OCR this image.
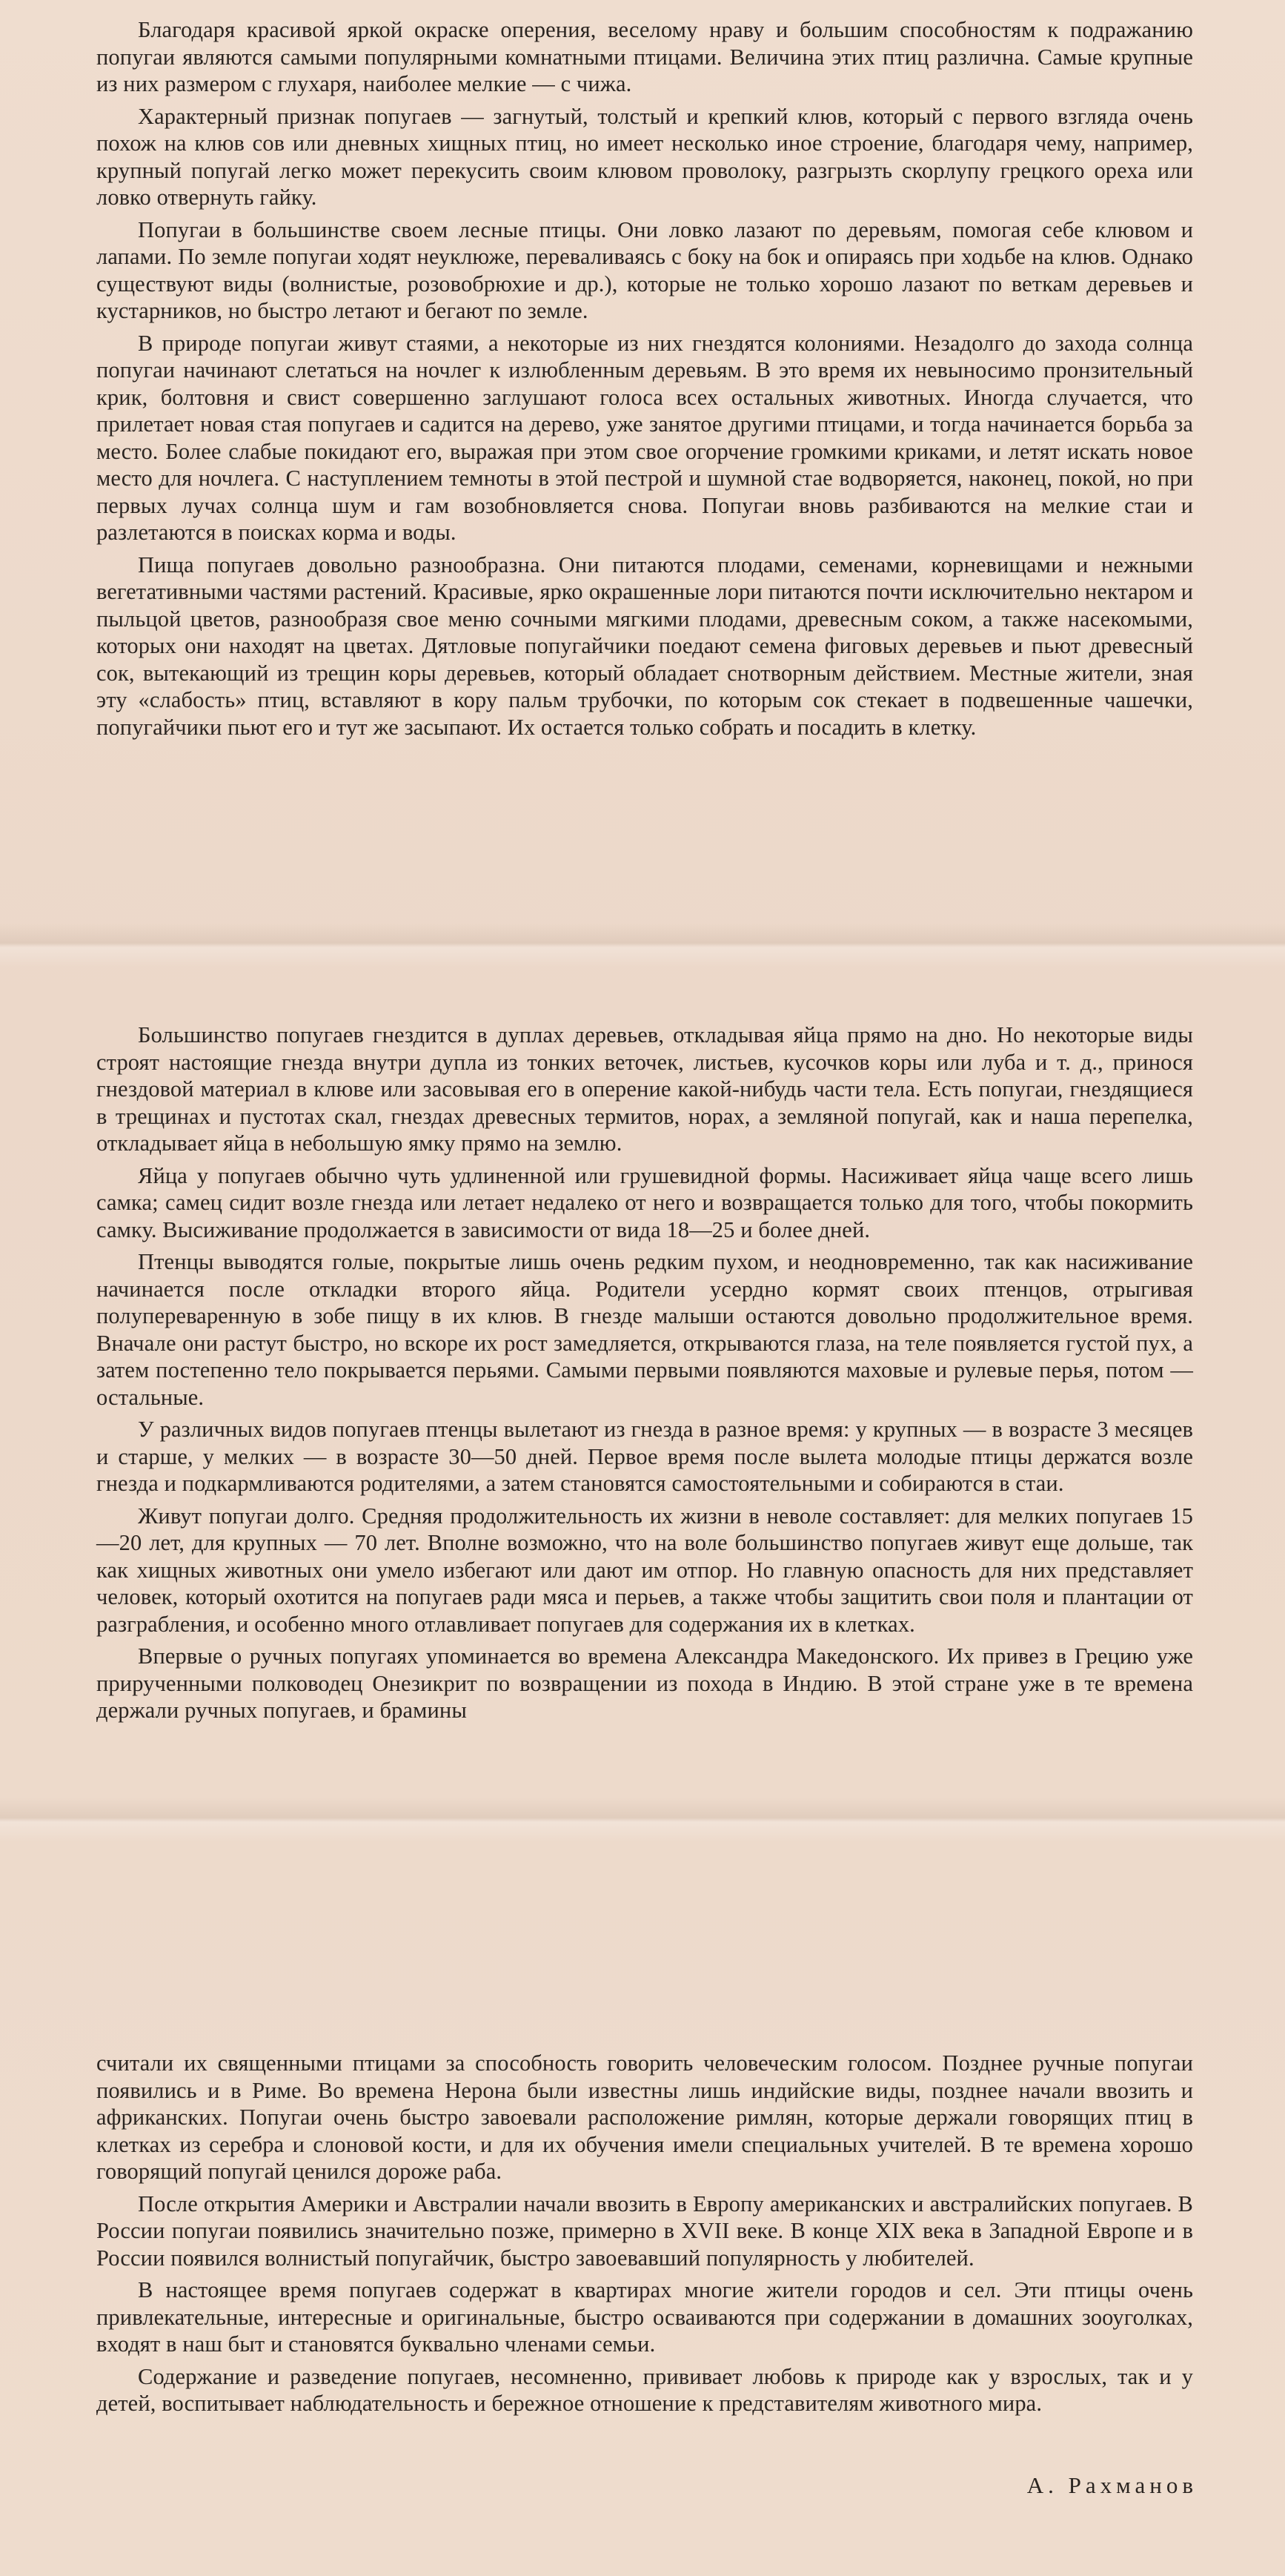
Благодаря красивой яркой окраске оперения, веселому нраву и большим способностям к подражанию попугаи являются самыми популярными комнатными птицами. Величина этих птиц различна. Самые крупные из них размером с глухаря, наиболее мелкие — с чижа.

Характерный признак попугаев — загнутый, толстый и крепкий клюв, который с первого взгляда очень похож на клюв сов или дневных хищных птиц, но имеет несколько иное строение, благодаря чему, например, крупный попугай легко может перекусить своим клювом проволоку, разгрызть скорлупу грецкого ореха или ловко отвернуть гайку.

Попугаи в большинстве своем лесные птицы. Они ловко лазают по деревьям, помогая себе клювом и лапами. По земле попугаи ходят неуклюже, переваливаясь с боку на бок и опираясь при ходьбе на клюв. Однако существуют виды (волнистые, розовобрюхие и др.), которые не только хорошо лазают по веткам деревьев и кустарников, но быстро летают и бегают по земле.

В природе попугаи живут стаями, а некоторые из них гнездятся колониями. Незадолго до захода солнца попугаи начинают слетаться на ночлег к излюбленным деревьям. В это время их невыносимо пронзительный крик, болтовня и свист совершенно заглушают голоса всех остальных животных. Иногда случается, что прилетает новая стая попугаев и садится на дерево, уже занятое другими птицами, и тогда начинается борьба за место. Более слабые покидают его, выражая при этом свое огорчение громкими криками, и летят искать новое место для ночлега. С наступлением темноты в этой пестрой и шумной стае водворяется, наконец, покой, но при первых лучах солнца шум и гам возобновляется снова. Попугаи вновь разбиваются на мелкие стаи и разлетаются в поисках корма и воды.

Пища попугаев довольно разнообразна. Они питаются плодами, семенами, корневищами и нежными вегетативными частями растений. Красивые, ярко окрашенные лори питаются почти исключительно нектаром и пыльцой цветов, разнообразя свое меню сочными мягкими плодами, древесным соком, а также насекомыми, которых они находят на цветах. Дятловые попугайчики поедают семена фиговых деревьев и пьют древесный сок, вытекающий из трещин коры деревьев, который обладает снотворным действием. Местные жители, зная эту «слабость» птиц, вставляют в кору пальм трубочки, по которым сок стекает в подвешенные чашечки, попугайчики пьют его и тут же засыпают. Их остается только собрать и посадить в клетку.

Большинство попугаев гнездится в дуплах деревьев, откладывая яйца прямо на дно. Но некоторые виды строят настоящие гнезда внутри дупла из тонких веточек, листьев, кусочков коры или луба и т. д., принося гнездовой материал в клюве или засовывая его в оперение какой-нибудь части тела. Есть попугаи, гнездящиеся в трещинах и пустотах скал, гнездах древесных термитов, норах, а земляной попугай, как и наша перепелка, откладывает яйца в небольшую ямку прямо на землю.

Яйца у попугаев обычно чуть удлиненной или грушевидной формы. Насиживает яйца чаще всего лишь самка; самец сидит возле гнезда или летает недалеко от него и возвращается только для того, чтобы покормить самку. Высиживание продолжается в зависимости от вида 18—25 и более дней.

Птенцы выводятся голые, покрытые лишь очень редким пухом, и неодновременно, так как насиживание начинается после откладки второго яйца. Родители усердно кормят своих птенцов, отрыгивая полупереваренную в зобе пищу в их клюв. В гнезде малыши остаются довольно продолжительное время. Вначале они растут быстро, но вскоре их рост замедляется, открываются глаза, на теле появляется густой пух, а затем постепенно тело покрывается перьями. Самыми первыми появляются маховые и рулевые перья, потом — остальные.

У различных видов попугаев птенцы вылетают из гнезда в разное время: у крупных — в возрасте 3 месяцев и старше, у мелких — в возрасте 30—50 дней. Первое время после вылета молодые птицы держатся возле гнезда и подкармливаются родителями, а затем становятся самостоятельными и собираются в стаи.

Живут попугаи долго. Средняя продолжительность их жизни в неволе составляет: для мелких попугаев 15—20 лет, для крупных — 70 лет. Вполне возможно, что на воле большинство попугаев живут еще дольше, так как хищных животных они умело избегают или дают им отпор. Но главную опасность для них представляет человек, который охотится на попугаев ради мяса и перьев, а также чтобы защитить свои поля и плантации от разграбления, и особенно много отлавливает попугаев для содержания их в клетках.

Впервые о ручных попугаях упоминается во времена Александра Македонского. Их привез в Грецию уже прирученными полководец Онезикрит по возвращении из похода в Индию. В этой стране уже в те времена держали ручных попугаев, и брамины

считали их священными птицами за способность говорить человеческим голосом. Позднее ручные попугаи появились и в Риме. Во времена Нерона были известны лишь индийские виды, позднее начали ввозить и африканских. Попугаи очень быстро завоевали расположение римлян, которые держали говорящих птиц в клетках из серебра и слоновой кости, и для их обучения имели специальных учителей. В те времена хорошо говорящий попугай ценился дороже раба.

После открытия Америки и Австралии начали ввозить в Европу американских и австралийских попугаев. В России попугаи появились значительно позже, примерно в XVII веке. В конце XIX века в Западной Европе и в России появился волнистый попугайчик, быстро завоевавший популярность у любителей.

В настоящее время попугаев содержат в квартирах многие жители городов и сел. Эти птицы очень привлекательные, интересные и оригинальные, быстро осваиваются при содержании в домашних зооуголках, входят в наш быт и становятся буквально членами семьи.

Содержание и разведение попугаев, несомненно, прививает любовь к природе как у взрослых, так и у детей, воспитывает наблюдательность и бережное отношение к представителям животного мира.

А. Рахманов
